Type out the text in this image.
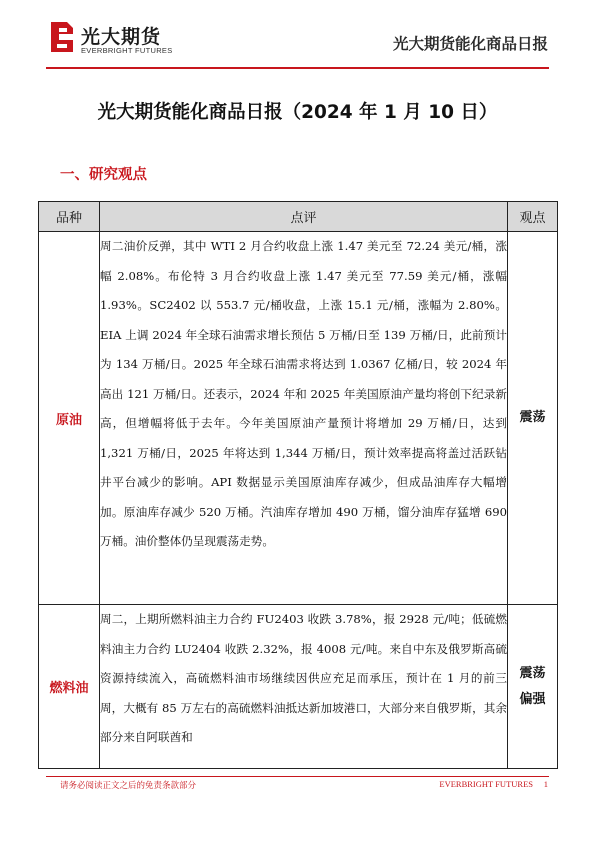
光大期货
EVERBRIGHT FUTURES	光大期货能化商品日报
光大期货能化商品日报（2024 年 1 月 10 日）
一、研究观点
品种	点评	观点
原油	周二油价反弹，其中 WTI 2 月合约收盘上涨 1.47 美元至 72.24 美元/桶，涨幅 2.08%。布伦特 3 月合约收盘上涨 1.47 美元至 77.59 美元/桶，涨幅 1.93%。SC2402 以 553.7 元/桶收盘，上涨 15.1 元/桶，涨幅为 2.80%。EIA 上调 2024 年全球石油需求增长预估 5 万桶/日至 139 万桶/日，此前预计为 134 万桶/日。2025 年全球石油需求将达到 1.0367 亿桶/日，较 2024 年高出 121 万桶/日。还表示，2024 年和 2025 年美国原油产量均将创下纪录新高，但增幅将低于去年。今年美国原油产量预计将增加 29 万桶/日，达到 1,321 万桶/日，2025 年将达到 1,344 万桶/日，预计效率提高将盖过活跃钻井平台减少的影响。API 数据显示美国原油库存减少，但成品油库存大幅增加。原油库存减少 520 万桶。汽油库存增加 490 万桶，馏分油库存猛增 690 万桶。油价整体仍呈现震荡走势。	震荡

燃料油	周二，上期所燃料油主力合约 FU2403 收跌 3.78%，报 2928 元/吨；低硫燃料油主力合约 LU2404 收跌 2.32%，报 4008 元/吨。来自中东及俄罗斯高硫资源持续流入，高硫燃料油市场继续因供应充足而承压，预计在 1 月的前三周，大概有 85 万左右的高硫燃料油抵达新加坡港口，大部分来自俄罗斯，其余部分来自阿联酋和	震荡
偏强
请务必阅读正文之后的免责条款部分	EVERBRIGHT FUTURES 1
